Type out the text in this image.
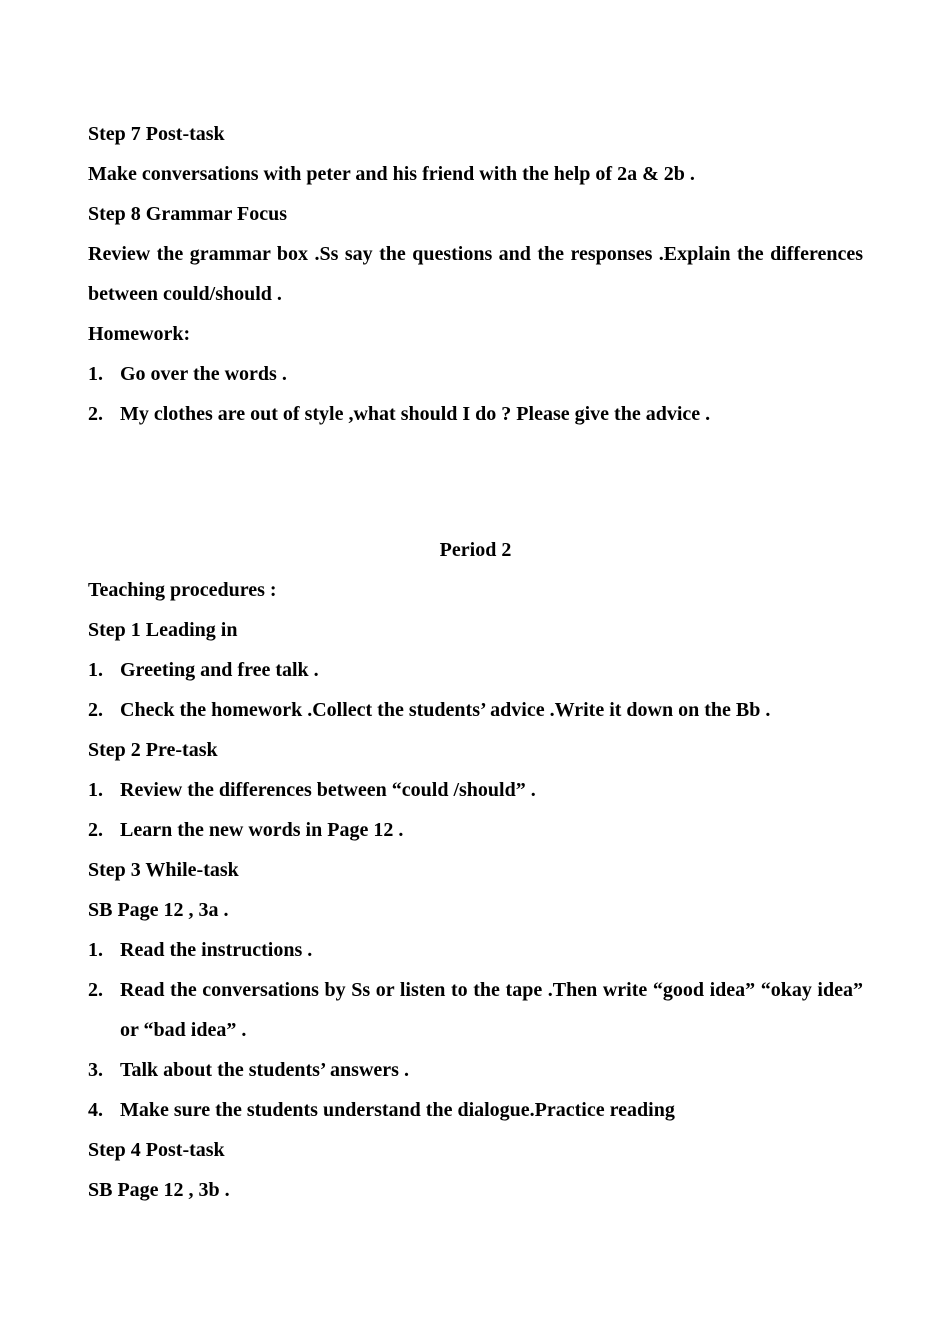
Step 7 Post-task

Make conversations with peter and his friend with the help of 2a & 2b .

Step 8 Grammar Focus

Review the grammar box .Ss say the questions and the responses .Explain the differences between could/should .

Homework:

1. Go over the words .
2. My clothes are out of style ,what should I do ? Please give the advice .

Period 2

Teaching procedures :

Step 1 Leading in

1. Greeting and free talk .
2. Check the homework .Collect the students’ advice .Write it down on the Bb .

Step 2 Pre-task

1. Review the differences between “could /should” .
2. Learn the new words in Page 12 .

Step 3 While-task

SB Page 12 , 3a .

1. Read the instructions .
2. Read the conversations by Ss or listen to the tape .Then write “good idea” “okay idea” or “bad idea” .
3. Talk about the students’ answers .
4. Make sure the students understand the dialogue.Practice reading

Step 4 Post-task

SB Page 12 , 3b .
